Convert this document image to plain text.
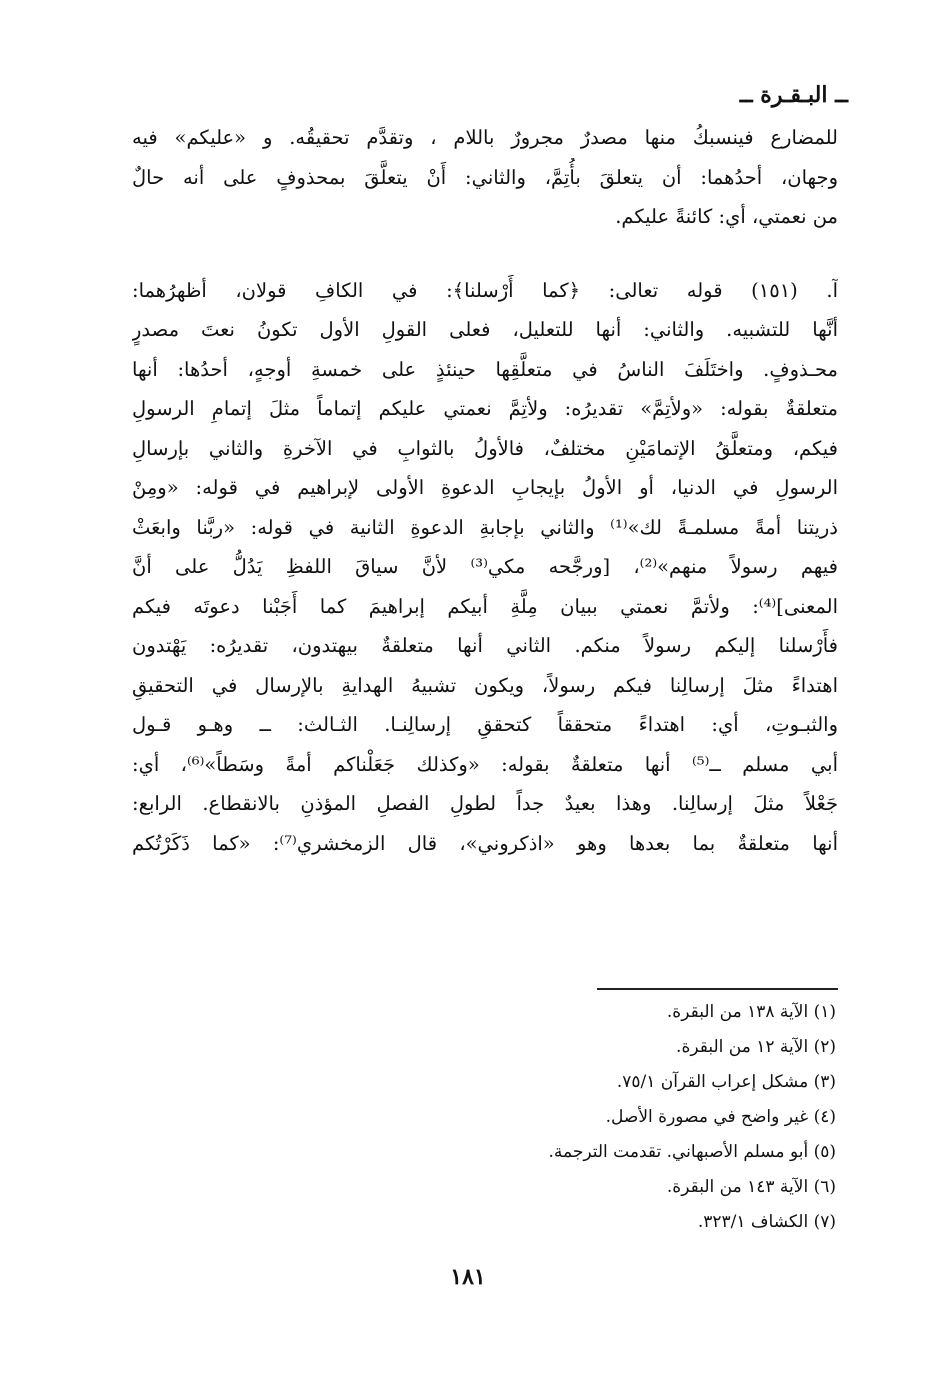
ــ البـقـرة ــ
للمضارع فينسبكُ منها مصدرٌ مجرورٌ باللام ، وتقدَّم تحقيقُه. و «عليكم» فيه
وجهان، أحدُهما: أن يتعلقَ بأُتِمَّ، والثاني: أَنْ يتعلَّقَ بمحذوفٍ على أنه حالٌ
من نعمتي، أي: كائنةً عليكم.
آ. (١٥١) قوله تعالى: ﴿كما أَرْسلنا﴾: في الكافِ قولان، أظهرُهما:
أنَّها للتشبيه. والثاني: أنها للتعليل، فعلى القولِ الأول تكونُ نعتَ مصدرٍ
محـذوفٍ. واختَلَفَ الناسُ في متعلَّقِها حينئذٍ على خمسةِ أوجهٍ، أحدُها: أنها
متعلقةٌ بقوله: «ولأتِمَّ» تقديرُه: ولأتِمَّ نعمتي عليكم إتماماً مثلَ إتمامِ الرسولِ
فيكم، ومتعلَّقُ الإتمامَيْنِ مختلفٌ، فالأولُ بالثوابِ في الآخرةِ والثاني بإرسالِ
الرسولِ في الدنيا، أو الأولُ بإيجابِ الدعوةِ الأولى لإبراهيم في قوله: «ومِنْ
ذريتنا أمةً مسلمـةً لك»⁽¹⁾ والثاني بإجابةِ الدعوةِ الثانية في قوله: «ربَّنا وابعَثْ
فيهم رسولاً منهم»⁽²⁾، [ورجَّحه مكي⁽³⁾ لأنَّ سياقَ اللفظِ يَدُلُّ على أنَّ
المعنى]⁽⁴⁾: ولأتمَّ نعمتي ببيان مِلَّةِ أبيكم إبراهيمَ كما أَجَبْنا دعوتَه فيكم
فأَرْسلنا إليكم رسولاً منكم. الثاني أنها متعلقةٌ بيهتدون، تقديرُه: يَهْتدون
اهتداءً مثلَ إرسالِنا فيكم رسولاً، ويكون تشبيهُ الهدايةِ بالإرسال في التحقيقِ
والثبـوتِ، أي: اهتداءً متحققاً كتحققِ إرسالِنـا. الثـالث: ــ وهـو قـول
أبي مسلم ــ⁽⁵⁾ أنها متعلقةٌ بقوله: «وكذلك جَعَلْناكم أمةً وسَطاً»⁽⁶⁾، أي:
جَعْلاً مثلَ إرسالِنا. وهذا بعيدٌ جداً لطولِ الفصلِ المؤذنِ بالانقطاع. الرابع:
أنها متعلقةٌ بما بعدها وهو «اذكروني»، قال الزمخشري⁽⁷⁾: «كما ذَكَرْتُكم
(١) الآية ١٣٨ من البقرة.
(٢) الآية ١٢ من البقرة.
(٣) مشكل إعراب القرآن ٧٥/١.
(٤) غير واضح في مصورة الأصل.
(٥) أبو مسلم الأصبهاني. تقدمت الترجمة.
(٦) الآية ١٤٣ من البقرة.
(٧) الكشاف ٣٢٣/١.
١٨١
